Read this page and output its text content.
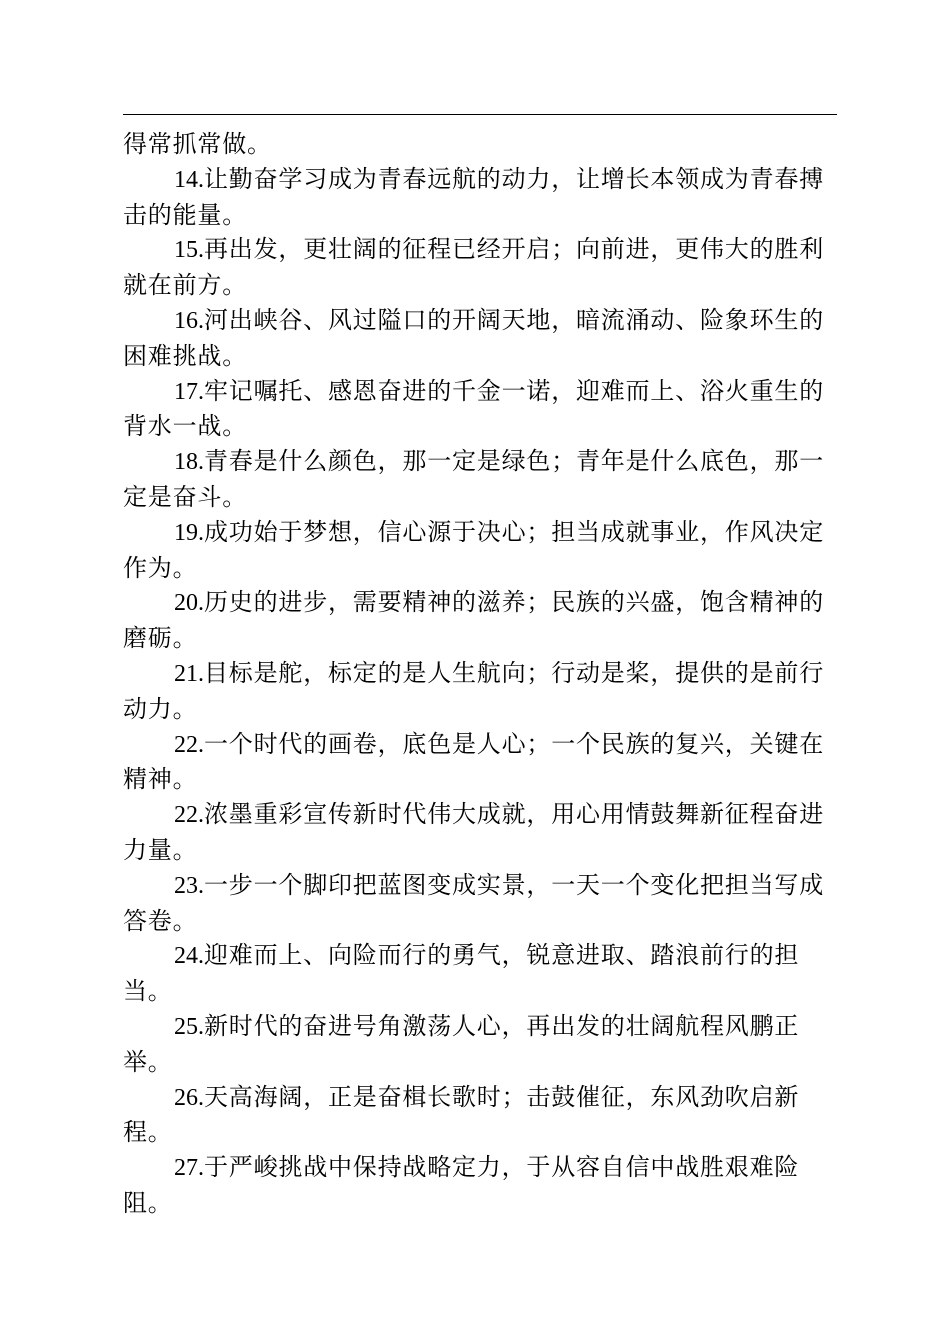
得常抓常做。

14.让勤奋学习成为青春远航的动力，让增长本领成为青春搏击的能量。

15.再出发，更壮阔的征程已经开启；向前进，更伟大的胜利就在前方。

16.河出峡谷、风过隘口的开阔天地，暗流涌动、险象环生的困难挑战。

17.牢记嘱托、感恩奋进的千金一诺，迎难而上、浴火重生的背水一战。

18.青春是什么颜色，那一定是绿色；青年是什么底色，那一定是奋斗。

19.成功始于梦想，信心源于决心；担当成就事业，作风决定作为。

20.历史的进步，需要精神的滋养；民族的兴盛，饱含精神的磨砺。

21.目标是舵，标定的是人生航向；行动是桨，提供的是前行动力。

22.一个时代的画卷，底色是人心；一个民族的复兴，关键在精神。

22.浓墨重彩宣传新时代伟大成就，用心用情鼓舞新征程奋进力量。

23.一步一个脚印把蓝图变成实景，一天一个变化把担当写成答卷。

24.迎难而上、向险而行的勇气，锐意进取、踏浪前行的担当。

25.新时代的奋进号角激荡人心，再出发的壮阔航程风鹏正举。

26.天高海阔，正是奋楫长歌时；击鼓催征，东风劲吹启新程。

27.于严峻挑战中保持战略定力，于从容自信中战胜艰难险阻。
